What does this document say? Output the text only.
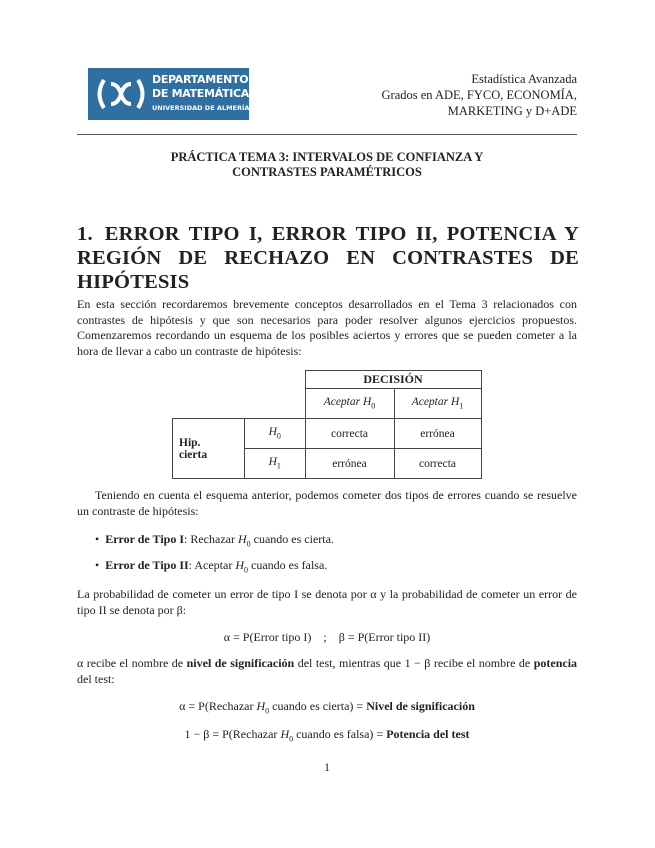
DEPARTAMENTO
DE MATEMÁTICAS
UNIVERSIDAD DE ALMERÍA
Estadística Avanzada
Grados en ADE, FYCO, ECONOMÍA,
MARKETING y D+ADE
PRÁCTICA TEMA 3: INTERVALOS DE CONFIANZA Y
CONTRASTES PARAMÉTRICOS
1. ERROR TIPO I, ERROR TIPO II, POTENCIA Y REGIÓN DE RECHAZO EN CONTRASTES DE HIPÓTESIS
En esta sección recordaremos brevemente conceptos desarrollados en el Tema 3 relacionados con contrastes de hipótesis y que son necesarios para poder resolver algunos ejercicios propuestos. Comenzaremos recordando un esquema de los posibles aciertos y errores que se pueden cometer a la hora de llevar a cabo un contraste de hipótesis:
		DECISIÓN	
		Aceptar $H_0$	Aceptar $H_1$

Hip.
cierta	$H_0$	correcta	errónea
	$H_1$	errónea	correcta
Teniendo en cuenta el esquema anterior, podemos cometer dos tipos de errores cuando se resuelve un contraste de hipótesis:
• Error de Tipo I: Rechazar $H_0$ cuando es cierta.
• Error de Tipo II: Aceptar $H_0$ cuando es falsa.
La probabilidad de cometer un error de tipo I se denota por α y la probabilidad de cometer un error de tipo II se denota por β:
α = P(Error tipo I)    ;    β = P(Error tipo II)
α recibe el nombre de nivel de significación del test, mientras que 1 − β recibe el nombre de potencia del test:
α = P(Rechazar $H_0$ cuando es cierta) = Nivel de significación
1 − β = P(Rechazar $H_0$ cuando es falsa) = Potencia del test
1
